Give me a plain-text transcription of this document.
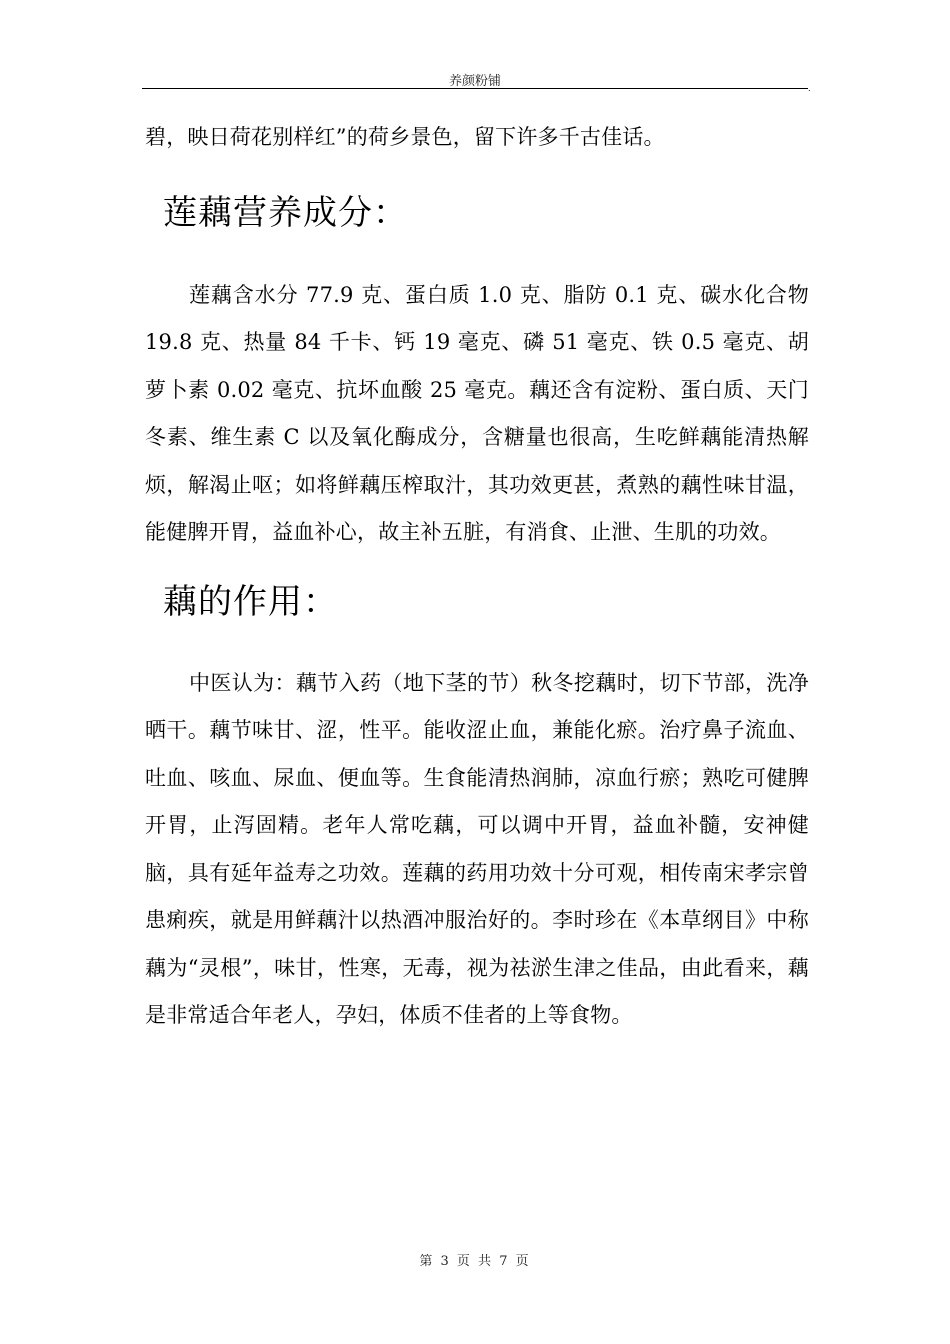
养颜粉铺	.

碧，映日荷花别样红”的荷乡景色，留下许多千古佳话。

莲藕营养成分：

莲藕含水分 77.9 克、蛋白质 1.0 克、脂防 0.1 克、碳水化合物 19.8 克、热量 84 千卡、钙 19 毫克、磷 51 毫克、铁 0.5 毫克、胡萝卜素 0.02 毫克、抗坏血酸 25 毫克。藕还含有淀粉、蛋白质、天门冬素、维生素 C 以及氧化酶成分，含糖量也很高，生吃鲜藕能清热解烦，解渴止呕；如将鲜藕压榨取汁，其功效更甚，煮熟的藕性味甘温，能健脾开胃，益血补心，故主补五脏，有消食、止泄、生肌的功效。

藕的作用：

中医认为：藕节入药（地下茎的节）秋冬挖藕时，切下节部，洗净晒干。藕节味甘、涩，性平。能收涩止血，兼能化瘀。治疗鼻子流血、吐血、咳血、尿血、便血等。生食能清热润肺，凉血行瘀；熟吃可健脾开胃，止泻固精。老年人常吃藕，可以调中开胃，益血补髓，安神健脑，具有延年益寿之功效。莲藕的药用功效十分可观，相传南宋孝宗曾患痢疾，就是用鲜藕汁以热酒冲服治好的。李时珍在《本草纲目》中称藕为“灵根”，味甘，性寒，无毒，视为祛淤生津之佳品，由此看来，藕是非常适合年老人，孕妇，体质不佳者的上等食物。

第 3 页 共 7 页
